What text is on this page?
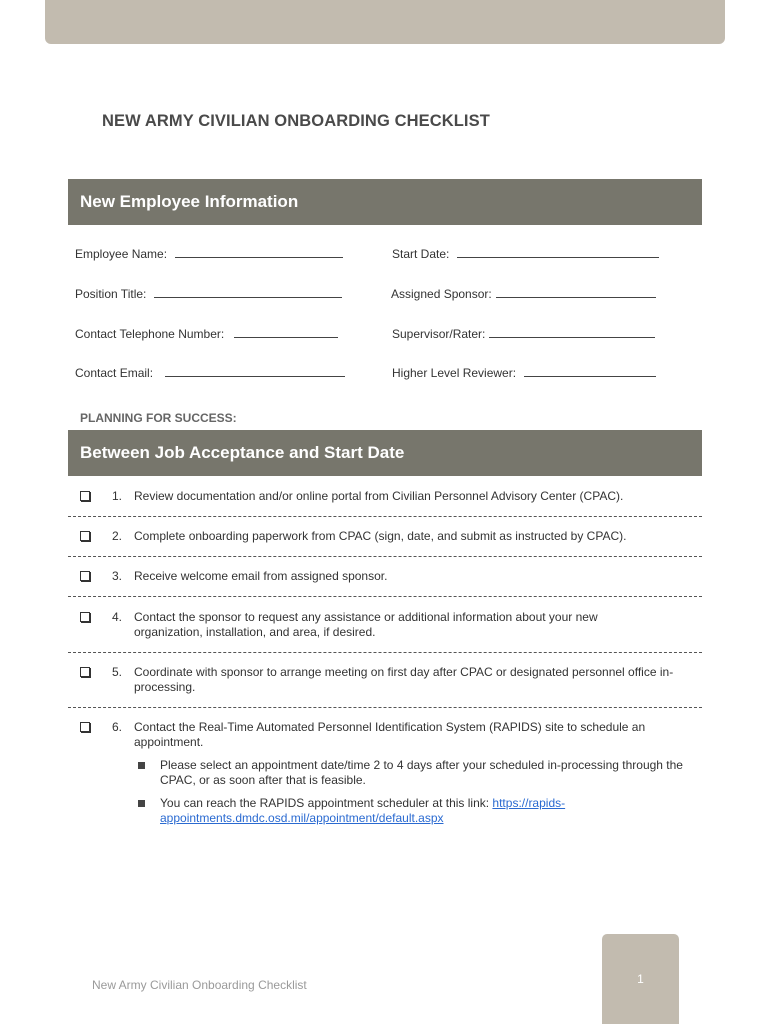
NEW ARMY CIVILIAN ONBOARDING CHECKLIST
New Employee Information
Employee Name:	Start Date:
Position Title:	Assigned Sponsor:
Contact Telephone Number:	Supervisor/Rater:
Contact Email:	Higher Level Reviewer:
PLANNING FOR SUCCESS:
Between Job Acceptance and Start Date
1. Review documentation and/or online portal from Civilian Personnel Advisory Center (CPAC).
2. Complete onboarding paperwork from CPAC (sign, date, and submit as instructed by CPAC).
3. Receive welcome email from assigned sponsor.
4. Contact the sponsor to request any assistance or additional information about your new organization, installation, and area, if desired.
5. Coordinate with sponsor to arrange meeting on first day after CPAC or designated personnel office in-processing.
6. Contact the Real-Time Automated Personnel Identification System (RAPIDS) site to schedule an appointment.
Please select an appointment date/time 2 to 4 days after your scheduled in-processing through the CPAC, or as soon after that is feasible.
You can reach the RAPIDS appointment scheduler at this link: https://rapids-appointments.dmdc.osd.mil/appointment/default.aspx
New Army Civilian Onboarding Checklist	1
